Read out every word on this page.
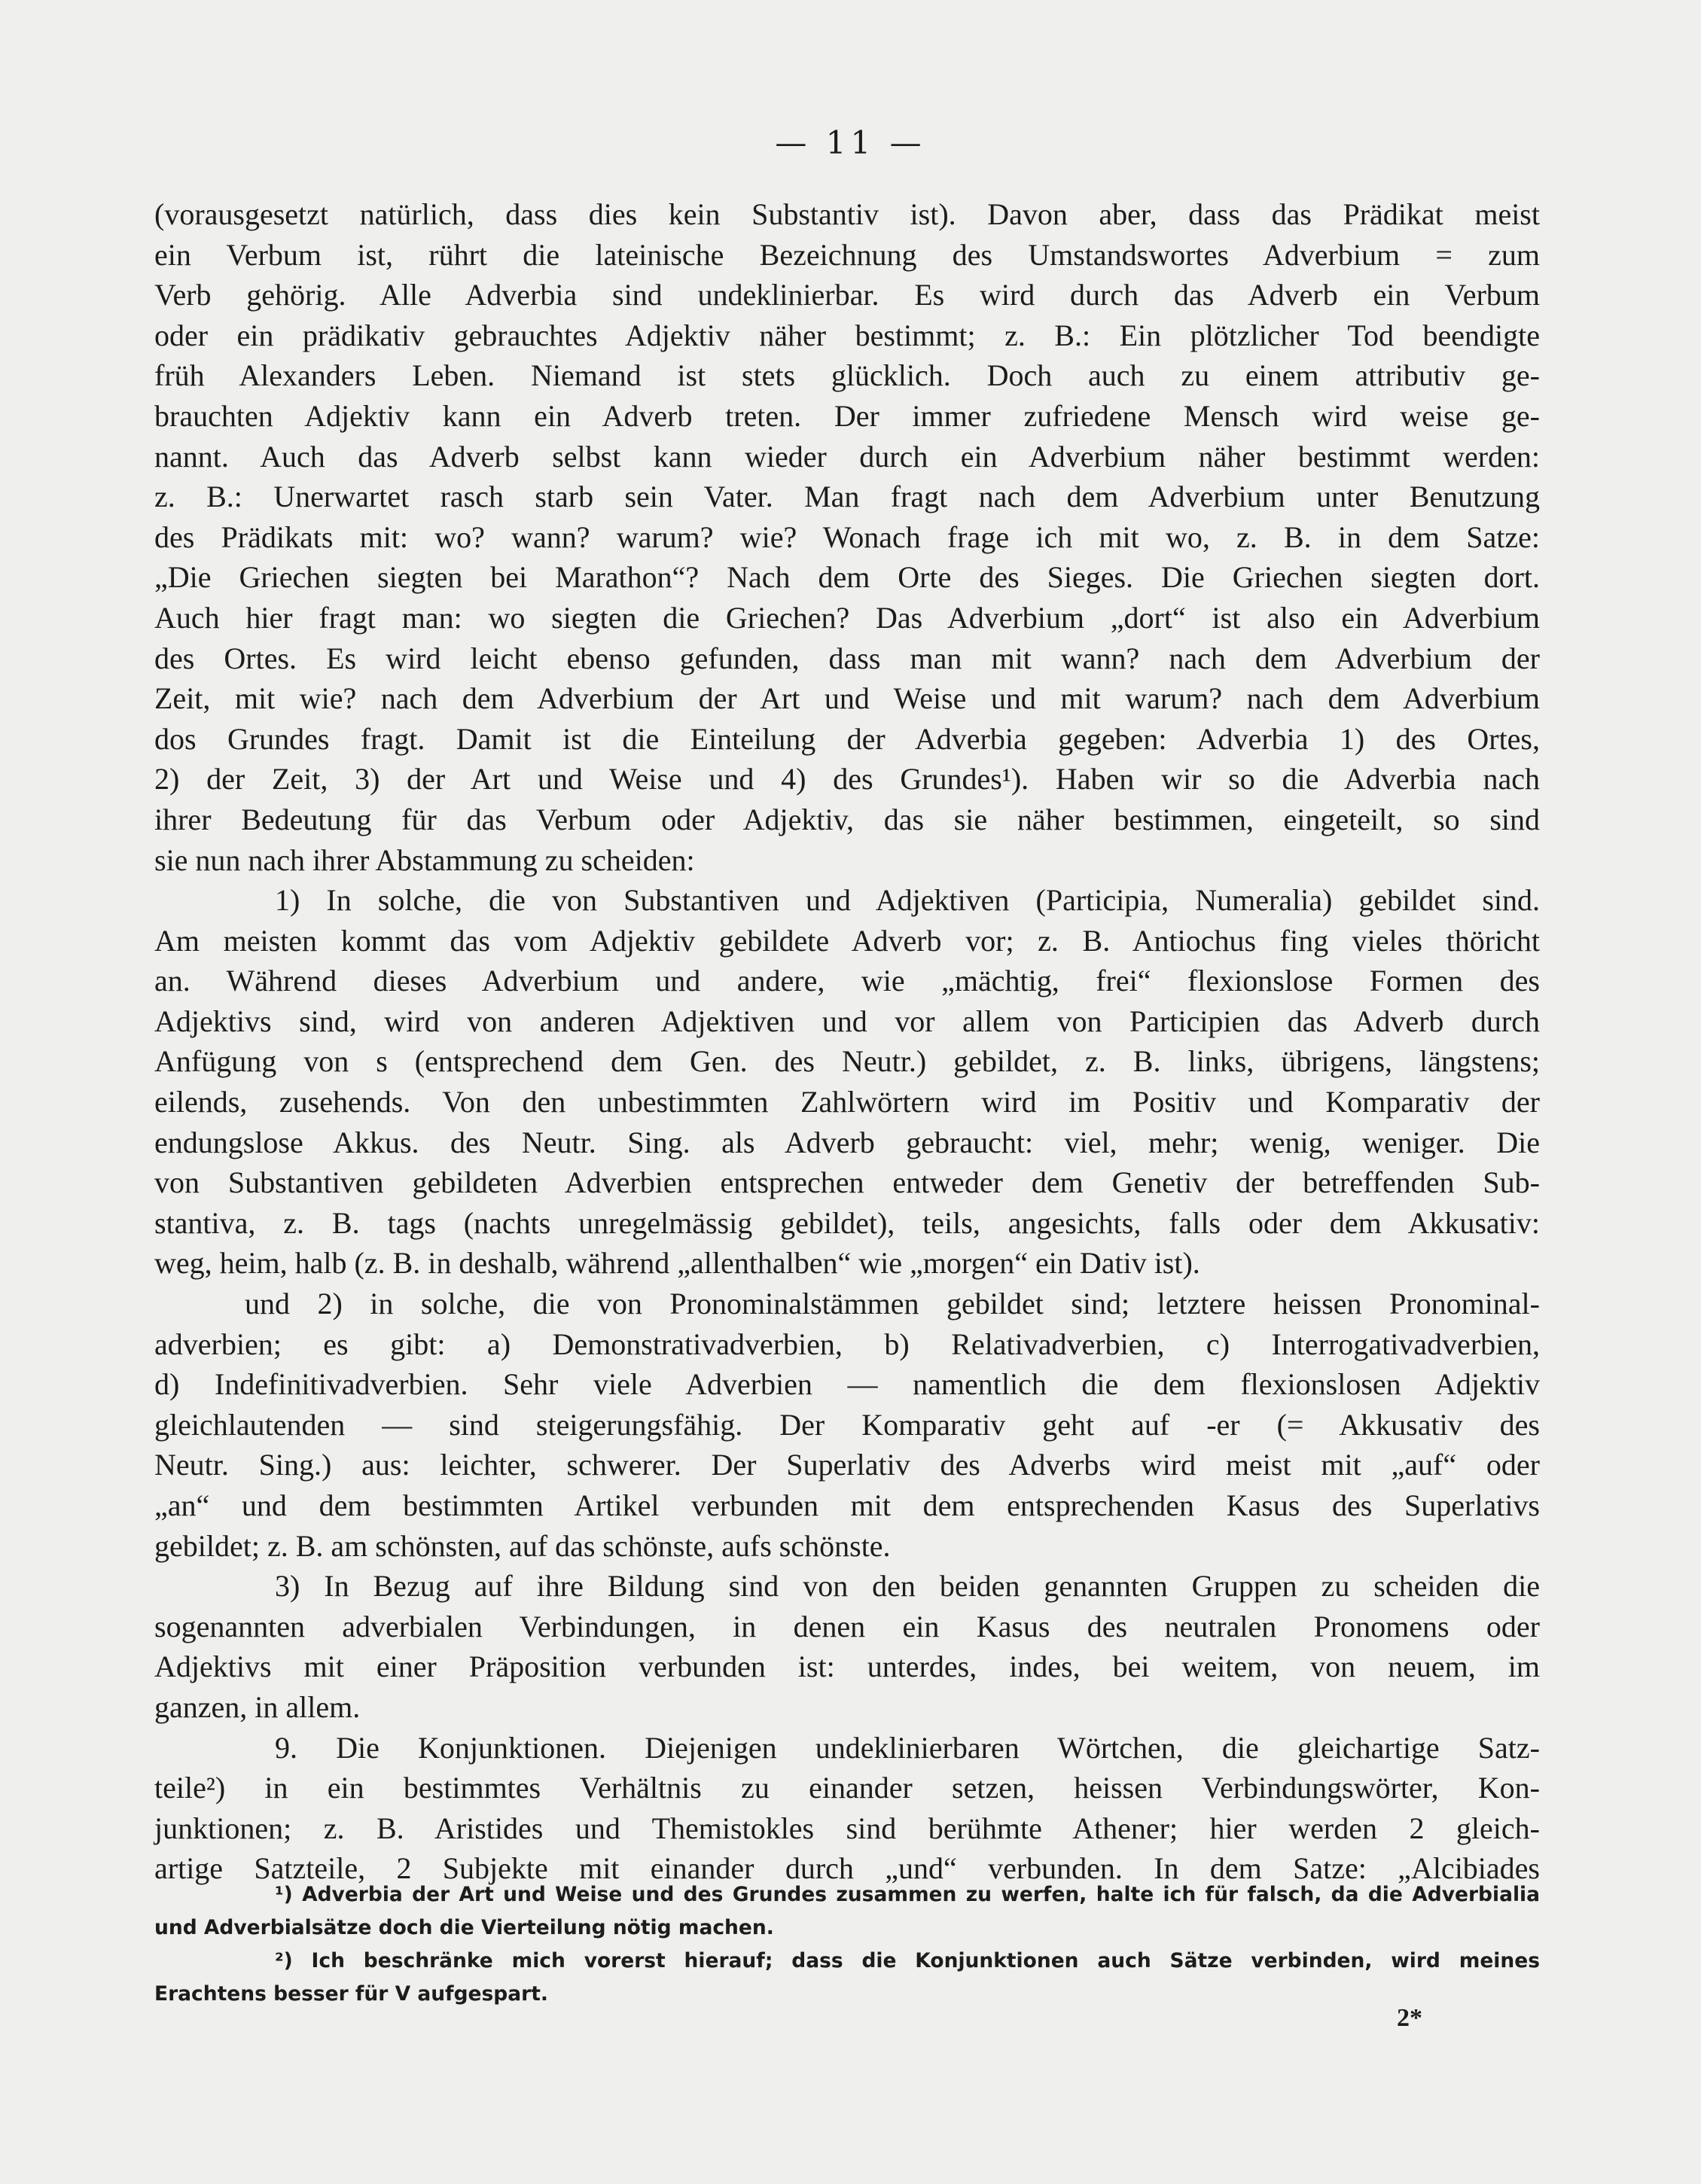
— 11 —
(vorausgesetzt natürlich, dass dies kein Substantiv ist). Davon aber, dass das Prädikat meist
ein Verbum ist, rührt die lateinische Bezeichnung des Umstandswortes Adverbium = zum
Verb gehörig. Alle Adverbia sind undeklinierbar. Es wird durch das Adverb ein Verbum
oder ein prädikativ gebrauchtes Adjektiv näher bestimmt; z. B.: Ein plötzlicher Tod beendigte
früh Alexanders Leben. Niemand ist stets glücklich. Doch auch zu einem attributiv ge-
brauchten Adjektiv kann ein Adverb treten. Der immer zufriedene Mensch wird weise ge-
nannt. Auch das Adverb selbst kann wieder durch ein Adverbium näher bestimmt werden:
z. B.: Unerwartet rasch starb sein Vater. Man fragt nach dem Adverbium unter Benutzung
des Prädikats mit: wo? wann? warum? wie? Wonach frage ich mit wo, z. B. in dem Satze:
„Die Griechen siegten bei Marathon“? Nach dem Orte des Sieges. Die Griechen siegten dort.
Auch hier fragt man: wo siegten die Griechen? Das Adverbium „dort“ ist also ein Adverbium
des Ortes. Es wird leicht ebenso gefunden, dass man mit wann? nach dem Adverbium der
Zeit, mit wie? nach dem Adverbium der Art und Weise und mit warum? nach dem Adverbium
dos Grundes fragt. Damit ist die Einteilung der Adverbia gegeben: Adverbia 1) des Ortes,
2) der Zeit, 3) der Art und Weise und 4) des Grundes¹). Haben wir so die Adverbia nach
ihrer Bedeutung für das Verbum oder Adjektiv, das sie näher bestimmen, eingeteilt, so sind
sie nun nach ihrer Abstammung zu scheiden:
1) In solche, die von Substantiven und Adjektiven (Participia, Numeralia) gebildet sind.
Am meisten kommt das vom Adjektiv gebildete Adverb vor; z. B. Antiochus fing vieles thöricht
an. Während dieses Adverbium und andere, wie „mächtig, frei“ flexionslose Formen des
Adjektivs sind, wird von anderen Adjektiven und vor allem von Participien das Adverb durch
Anfügung von s (entsprechend dem Gen. des Neutr.) gebildet, z. B. links, übrigens, längstens;
eilends, zusehends. Von den unbestimmten Zahlwörtern wird im Positiv und Komparativ der
endungslose Akkus. des Neutr. Sing. als Adverb gebraucht: viel, mehr; wenig, weniger. Die
von Substantiven gebildeten Adverbien entsprechen entweder dem Genetiv der betreffenden Sub-
stantiva, z. B. tags (nachts unregelmässig gebildet), teils, angesichts, falls oder dem Akkusativ:
weg, heim, halb (z. B. in deshalb, während „allenthalben“ wie „morgen“ ein Dativ ist).
und 2) in solche, die von Pronominalstämmen gebildet sind; letztere heissen Pronominal-
adverbien; es gibt: a) Demonstrativadverbien, b) Relativadverbien, c) Interrogativadverbien,
d) Indefinitivadverbien. Sehr viele Adverbien — namentlich die dem flexionslosen Adjektiv
gleichlautenden — sind steigerungsfähig. Der Komparativ geht auf -er (= Akkusativ des
Neutr. Sing.) aus: leichter, schwerer. Der Superlativ des Adverbs wird meist mit „auf“ oder
„an“ und dem bestimmten Artikel verbunden mit dem entsprechenden Kasus des Superlativs
gebildet; z. B. am schönsten, auf das schönste, aufs schönste.
3) In Bezug auf ihre Bildung sind von den beiden genannten Gruppen zu scheiden die
sogenannten adverbialen Verbindungen, in denen ein Kasus des neutralen Pronomens oder
Adjektivs mit einer Präposition verbunden ist: unterdes, indes, bei weitem, von neuem, im
ganzen, in allem.
9. Die Konjunktionen. Diejenigen undeklinierbaren Wörtchen, die gleichartige Satz-
teile²) in ein bestimmtes Verhältnis zu einander setzen, heissen Verbindungswörter, Kon-
junktionen; z. B. Aristides und Themistokles sind berühmte Athener; hier werden 2 gleich-
artige Satzteile, 2 Subjekte mit einander durch „und“ verbunden. In dem Satze: „Alcibiades
¹) Adverbia der Art und Weise und des Grundes zusammen zu werfen, halte ich für falsch, da die Adverbialia
und Adverbialsätze doch die Vierteilung nötig machen.
²) Ich beschränke mich vorerst hierauf; dass die Konjunktionen auch Sätze verbinden, wird meines
Erachtens besser für V aufgespart.
2*
